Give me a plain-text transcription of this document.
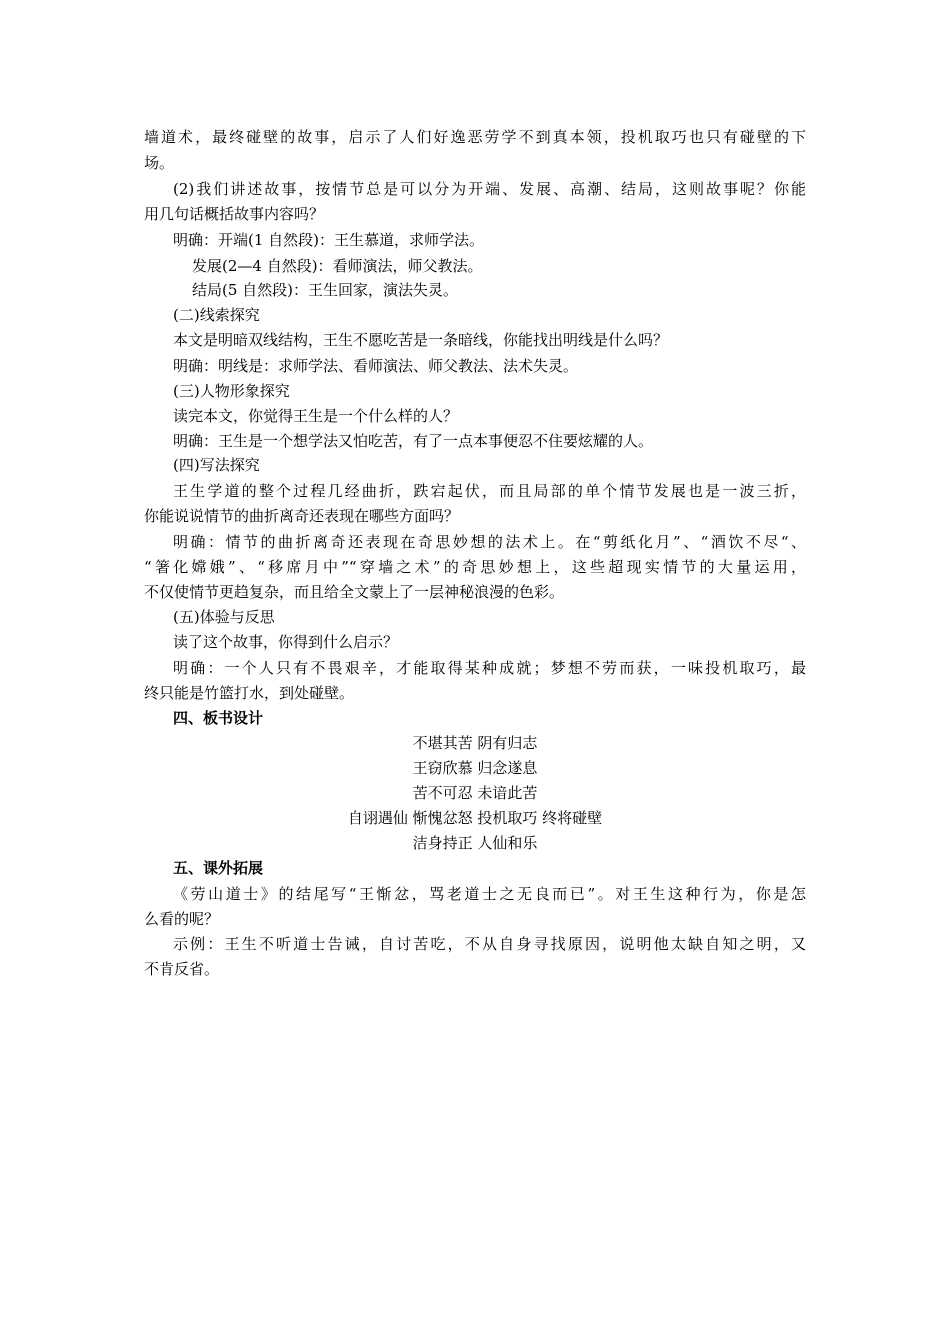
墙道术，最终碰壁的故事，启示了人们好逸恶劳学不到真本领，投机取巧也只有碰壁的下
场。
(2)我们讲述故事，按情节总是可以分为开端、发展、高潮、结局，这则故事呢？你能
用几句话概括故事内容吗？
明确：开端(1 自然段)：王生慕道，求师学法。
发展(2—4 自然段)：看师演法，师父教法。
结局(5 自然段)：王生回家，演法失灵。
(二)线索探究
本文是明暗双线结构，王生不愿吃苦是一条暗线，你能找出明线是什么吗？
明确：明线是：求师学法、看师演法、师父教法、法术失灵。
(三)人物形象探究
读完本文，你觉得王生是一个什么样的人？
明确：王生是一个想学法又怕吃苦，有了一点本事便忍不住要炫耀的人。
(四)写法探究
王生学道的整个过程几经曲折，跌宕起伏，而且局部的单个情节发展也是一波三折，
你能说说情节的曲折离奇还表现在哪些方面吗？
明确：情节的曲折离奇还表现在奇思妙想的法术上。在“剪纸化月”、“酒饮不尽“、
“箸化嫦娥”、“移席月中”“穿墙之术”的奇思妙想上，这些超现实情节的大量运用，
不仅使情节更趋复杂，而且给全文蒙上了一层神秘浪漫的色彩。
(五)体验与反思
读了这个故事，你得到什么启示？
明确：一个人只有不畏艰辛，才能取得某种成就；梦想不劳而获，一味投机取巧，最
终只能是竹篮打水，到处碰壁。
四、板书设计
不堪其苦 阴有归志
王窃欣慕 归念遂息
苦不可忍 未谙此苦
自诩遇仙 惭愧忿怒 投机取巧 终将碰壁
洁身持正 人仙和乐
五、课外拓展
《劳山道士》的结尾写“王惭忿，骂老道士之无良而已”。对王生这种行为，你是怎
么看的呢？
示例：王生不听道士告诫，自讨苦吃，不从自身寻找原因，说明他太缺自知之明，又
不肯反省。
